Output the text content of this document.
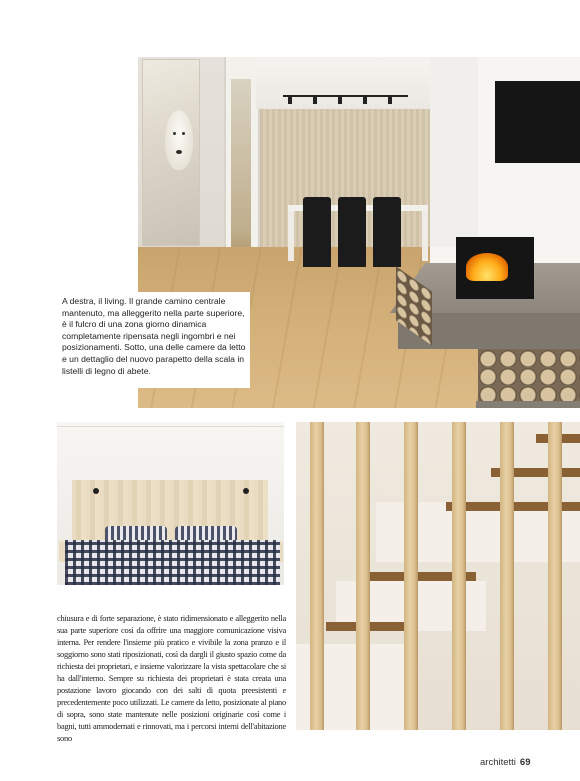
A destra, il living. Il grande camino centrale mantenuto, ma alleggerito nella parte superiore, è il fulcro di una zona giorno dinamica completamente ripensata negli ingombri e nei posizionamenti. Sotto, una delle camere da letto e un dettaglio del nuovo parapetto della scala in listelli di legno di abete.

chiusura e di forte separazione, è stato ridimensionato e alleggerito nella sua parte superiore così da offrire una maggiore comunicazione visiva interna. Per rendere l'insieme più pratico e vivibile la zona pranzo e il soggiorno sono stati riposizionati, così da dargli il giusto spazio come da richiesta dei proprietari, e insieme valorizzare la vista spettacolare che si ha dall'interno. Sempre su richiesta dei proprietari è stata creata una postazione lavoro giocando con dei salti di quota preesistenti e precedentemente poco utilizzati. Le camere da letto, posizionate al piano di sopra, sono state mantenute nelle posizioni originarie così come i bagni, tutti ammodernati e rinnovati, ma i percorsi interni dell'abitazione sono

architetti 69
